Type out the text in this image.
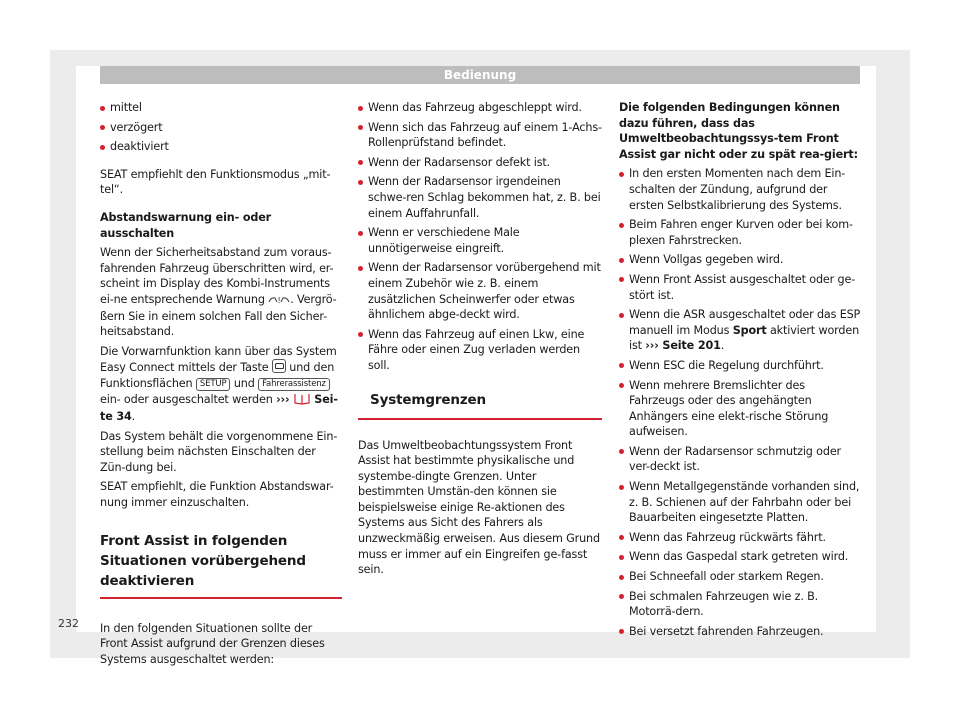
Bedienung
232
mittel
verzögert
deaktiviert

SEAT empfiehlt den Funktionsmodus „mit-tel“.

Abstandswarnung ein- oder ausschalten

Wenn der Sicherheitsabstand zum voraus-fahrenden Fahrzeug überschritten wird, er-scheint im Display des Kombi-Instruments ei-ne entsprechende Warnung ! . Vergrö-ßern Sie in einem solchen Fall den Sicher-heitsabstand.

Die Vorwarnfunktion kann über das System Easy Connect mittels der Taste und den Funktionsflächen SETUP und Fahrerassistenz ein- oder ausgeschaltet werden ››› Sei-te 34.

Das System behält die vorgenommene Ein-stellung beim nächsten Einschalten der Zün-dung bei.

SEAT empfiehlt, die Funktion Abstandswar-nung immer einzuschalten.

Front Assist in folgenden Situationen vorübergehend deaktivieren

In den folgenden Situationen sollte der Front Assist aufgrund der Grenzen dieses Systems ausgeschaltet werden:

Wenn das Fahrzeug abgeschleppt wird.
Wenn sich das Fahrzeug auf einem 1-Achs-Rollenprüfstand befindet.
Wenn der Radarsensor defekt ist.
Wenn der Radarsensor irgendeinen schwe-ren Schlag bekommen hat, z. B. bei einem Auffahrunfall.
Wenn er verschiedene Male unnötigerweise eingreift.
Wenn der Radarsensor vorübergehend mit einem Zubehör wie z. B. einem zusätzlichen Scheinwerfer oder etwas ähnlichem abge-deckt wird.
Wenn das Fahrzeug auf einen Lkw, eine Fähre oder einen Zug verladen werden soll.
Systemgrenzen

Das Umweltbeobachtungssystem Front Assist hat bestimmte physikalische und systembe-dingte Grenzen. Unter bestimmten Umstän-den können sie beispielsweise einige Re-aktionen des Systems aus Sicht des Fahrers als unzweckmäßig erweisen. Aus diesem Grund muss er immer auf ein Eingreifen ge-fasst sein.

Die folgenden Bedingungen können dazu führen, dass das Umweltbeobachtungssys-tem Front Assist gar nicht oder zu spät rea-giert:

In den ersten Momenten nach dem Ein-schalten der Zündung, aufgrund der ersten Selbstkalibrierung des Systems.
Beim Fahren enger Kurven oder bei kom-plexen Fahrstrecken.
Wenn Vollgas gegeben wird.
Wenn Front Assist ausgeschaltet oder ge-stört ist.
Wenn die ASR ausgeschaltet oder das ESP manuell im Modus Sport aktiviert worden ist ››› Seite 201.
Wenn ESC die Regelung durchführt.
Wenn mehrere Bremslichter des Fahrzeugs oder des angehängten Anhängers eine elekt-rische Störung aufweisen.
Wenn der Radarsensor schmutzig oder ver-deckt ist.
Wenn Metallgegenstände vorhanden sind, z. B. Schienen auf der Fahrbahn oder bei Bauarbeiten eingesetzte Platten.
Wenn das Fahrzeug rückwärts fährt.
Wenn das Gaspedal stark getreten wird.
Bei Schneefall oder starkem Regen.
Bei schmalen Fahrzeugen wie z. B. Motorrä-dern.
Bei versetzt fahrenden Fahrzeugen.
